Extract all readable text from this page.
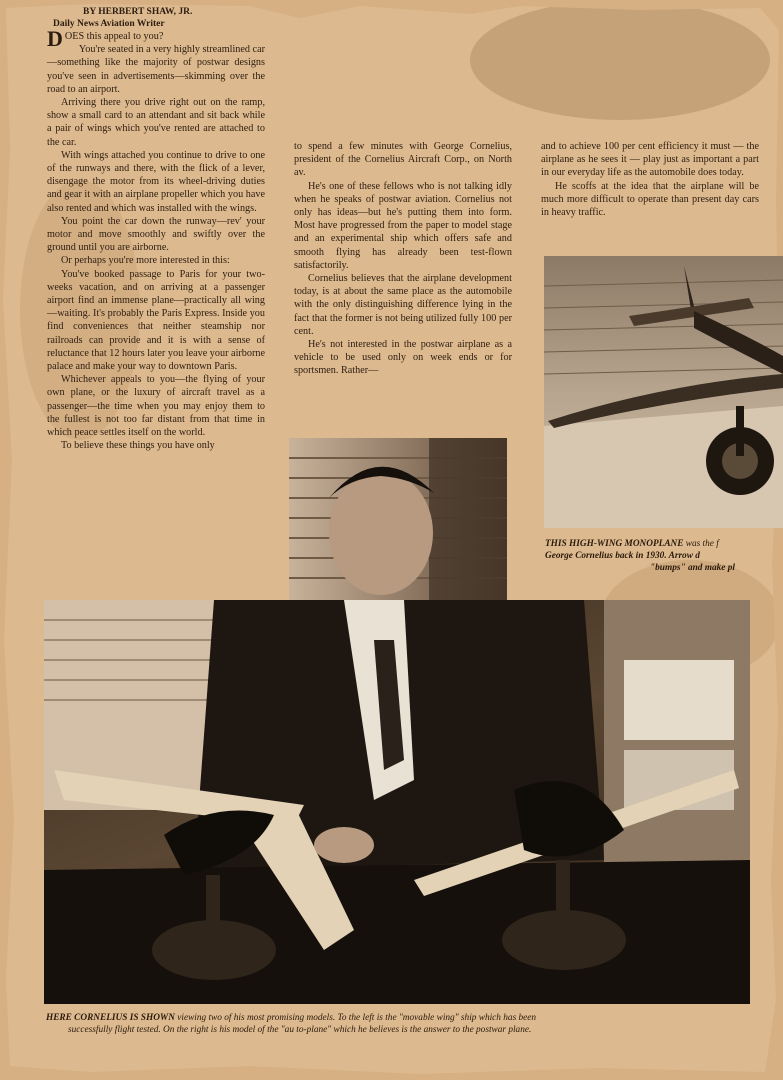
BY HERBERT SHAW, JR.

Daily News Aviation Writer

DOES this appeal to you?

You're seated in a very highly streamlined car—something like the majority of postwar designs you've seen in advertisements—skimming over the road to an airport.

Arriving there you drive right out on the ramp, show a small card to an attendant and sit back while a pair of wings which you've rented are attached to the car.

With wings attached you continue to drive to one of the runways and there, with the flick of a lever, disengage the motor from its wheel-driving duties and gear it with an airplane propeller which you have also rented and which was installed with the wings.

You point the car down the runway—rev' your motor and move smoothly and swiftly over the ground until you are airborne.

Or perhaps you're more interested in this:

You've booked passage to Paris for your two-weeks vacation, and on arriving at a passenger airport find an immense plane—practically all wing—waiting. It's probably the Paris Express. Inside you find conveniences that neither steamship nor railroads can provide and it is with a sense of reluctance that 12 hours later you leave your airborne palace and make your way to downtown Paris.

Whichever appeals to you—the flying of your own plane, or the luxury of aircraft travel as a passenger—the time when you may enjoy them to the fullest is not too far distant from that time in which peace settles itself on the world.

To believe these things you have only

to spend a few minutes with George Cornelius, president of the Cornelius Aircraft Corp., on North av.

He's one of these fellows who is not talking idly when he speaks of postwar aviation. Cornelius not only has ideas—but he's putting them into form. Most have progressed from the paper to model stage and an experimental ship which offers safe and smooth flying has already been test-flown satisfactorily.

Cornelius believes that the airplane development today, is at about the same place as the automobile with the only distinguishing difference lying in the fact that the former is not being utilized fully 100 per cent.

He's not interested in the postwar airplane as a vehicle to be used only on week ends or for sportsmen. Rather—

and to achieve 100 per cent efficiency it must — the airplane as he sees it — play just as important a part in our everyday life as the automobile does today.

He scoffs at the idea that the airplane will be much more difficult to operate than present day cars in heavy traffic.

THIS HIGH-WING MONOPLANE was the f
George Cornelius back in 1930. Arrow d
"bumps" and make pl
HERE CORNELIUS IS SHOWN viewing two of his most promising models. To the left is the "movable wing" ship which has been
successfully flight tested. On the right is his model of the "au to-plane" which he believes is the answer to the postwar plane.
